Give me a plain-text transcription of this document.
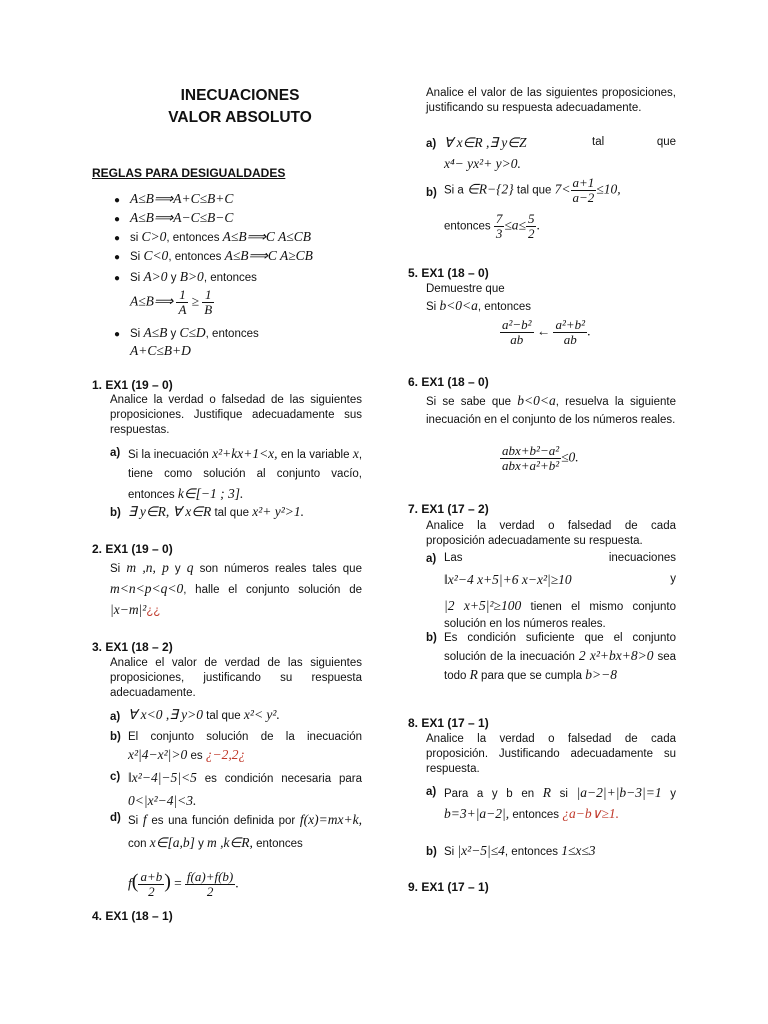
INECUACIONES
VALOR ABSOLUTO
REGLAS PARA DESIGUALDADES
● A≤B⟹A+C≤B+C
● A≤B⟹A−C≤B−C
● si C>0, entonces A≤B⟹C A≤CB
● Si C<0, entonces A≤B⟹C A≥CB
● Si A>0 y B>0, entonces
A≤B⟹ $\frac{1}{A} \ge \frac{1}{B}$
● Si A≤B y C≤D, entonces
A+C≤B+D
1. EX1 (19 – 0)
Analice la verdad o falsedad de las siguientes proposiciones. Justifique adecuadamente sus respuestas.
a) Si la inecuación x²+kx+1<x, en la variable x, tiene como solución al conjunto vacío, entonces k∈[−1 ; 3].
b) ∃ y∈R, ∀ x∈R tal que x²+ y²>1.
2. EX1 (19 – 0)
Si m ,n, p y q son números reales tales que m<n<p<q<0, halle el conjunto solución de |x−m|²¿¿
3. EX1 (18 – 2)
Analice el valor de verdad de las siguientes proposiciones, justificando su respuesta adecuadamente.
a) ∀ x<0 ,∃ y>0 tal que x²< y².
b) El conjunto solución de la inecuación x²|4−x²|>0 es ¿−2,2¿
c) ‖x²−4|−5|<5 es condición necesaria para 0<|x²−4|<3.
d) Si f es una función definida por f(x)=mx+k, con x∈[a,b] y m ,k∈R, entonces
$f( \frac{a+b}{2}$ ) = $\frac{f(a)+f(b)}{2}$ .
4. EX1 (18 – 1)
Analice el valor de las siguientes proposiciones, justificando su respuesta adecuadamente.
a) ∀ x∈R ,∃ y∈Z	tal	que
x⁴− yx²+ y>0.
b) Si a ∈R−{2} tal que $7< \frac{a+1}{a-2} \le 10$,
entonces $\frac{7}{3} \le a\le \frac{5}{2}$ .
5. EX1 (18 – 0)
Demuestre que
Si b<0<a, entonces
$\frac{\text{a²−b²}}{ab}$ ← $\frac{\text{a²+b²}}{ab}$ .
6. EX1 (18 – 0)
Si se sabe que b<0<a, resuelva la siguiente inecuación en el conjunto de los números reales.
$\frac{\text{abx+b²−a²}}{\text{abx+a²+b²}} \le 0$.
7. EX1 (17 – 2)
Analice la verdad o falsedad de cada proposición adecuadamente su respuesta.
a) Las	inecuaciones
‖x²−4 x+5|+6 x−x²|≥10	y
|2 x+5|²≥100 tienen el mismo conjunto solución en los números reales.
b) Es condición suficiente que el conjunto solución de la inecuación 2 x²+bx+8>0 sea todo R para que se cumpla b>−8
8. EX1 (17 – 1)
Analice la verdad o falsedad de cada proposición. Justificando adecuadamente su respuesta.
a) Para a y b en R si |a−2|+|b−3|=1 y b=3+|a−2|, entonces ¿a−b∨≥1.
b) Si |x²−5|≤4, entonces 1≤x≤3
9. EX1 (17 – 1)
